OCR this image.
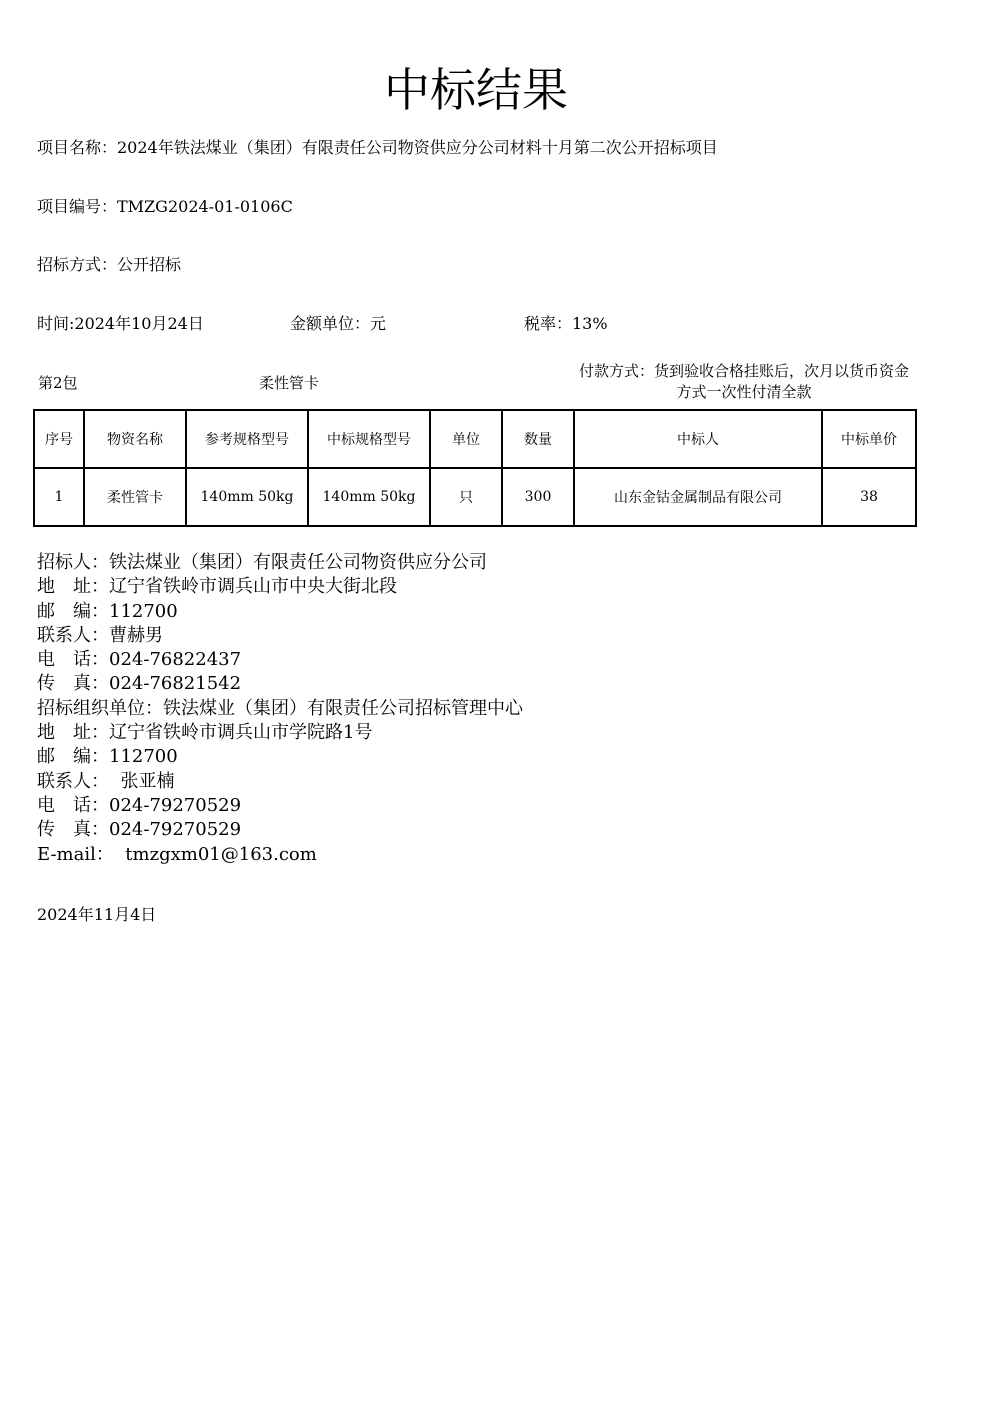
中标结果
项目名称：2024年铁法煤业（集团）有限责任公司物资供应分公司材料十月第二次公开招标项目
项目编号：TMZG2024-01-0106C
招标方式：公开招标
时间:2024年10月24日	金额单位：元	税率：13%
第2包	柔性管卡
付款方式：货到验收合格挂账后，次月以货币资金方式一次性付清全款
序号	物资名称	参考规格型号	中标规格型号	单位	数量	中标人	中标单价
1	柔性管卡	140mm 50kg	140mm 50kg	只	300	山东金钴金属制品有限公司	38
招标人：铁法煤业（集团）有限责任公司物资供应分公司
地　址：辽宁省铁岭市调兵山市中央大街北段
邮　编：112700
联系人：曹赫男
电　话：024-76822437
传　真：024-76821542
招标组织单位：铁法煤业（集团）有限责任公司招标管理中心
地　址：辽宁省铁岭市调兵山市学院路1号
邮　编：112700
联系人：  张亚楠
电　话：024-79270529
传　真：024-79270529
E-mail：  tmzgxm01@163.com
2024年11月4日
